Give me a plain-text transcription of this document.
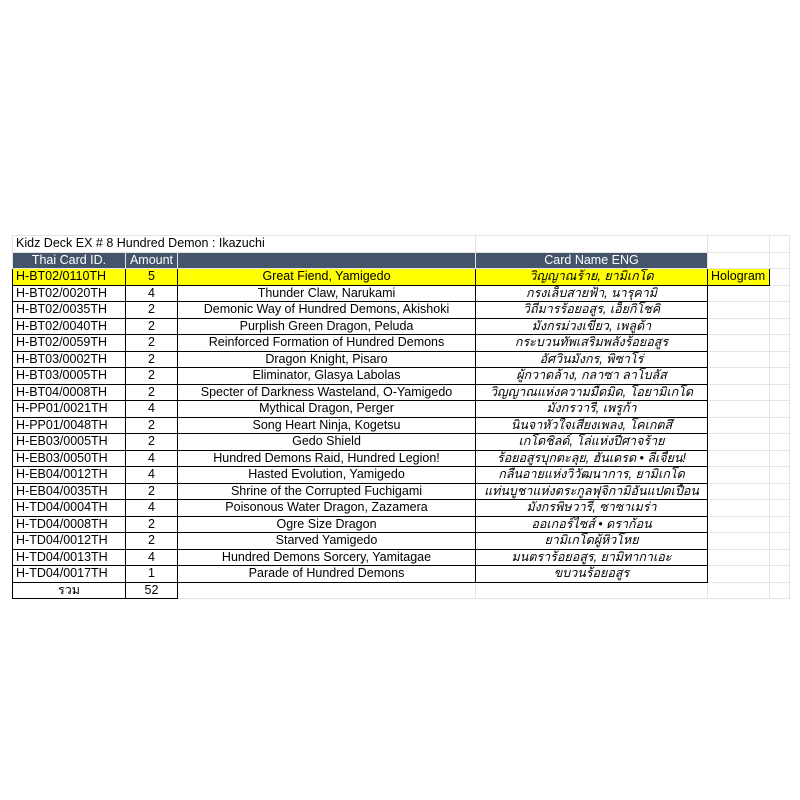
Kidz Deck EX # 8 Hundred Demon : Ikazuchi					
Thai Card ID.	Amount		Card Name ENG		
H-BT02/0110TH	5	Great Fiend, Yamigedo	วิญญาณร้าย, ยามิเกโด	Hologram	
H-BT02/0020TH	4	Thunder Claw, Narukami	กรงเล็บสายฟ้า, นารุคามิ		
H-BT02/0035TH	2	Demonic Way of Hundred Demons, Akishoki	วิถีมารร้อยอสูร, เอ็ยกิโชคิ		
H-BT02/0040TH	2	Purplish Green Dragon, Peluda	มังกรม่วงเขียว, เพลูด้า		
H-BT02/0059TH	2	Reinforced Formation of Hundred Demons	กระบวนทัพเสริมพลังร้อยอสูร		
H-BT03/0002TH	2	Dragon Knight, Pisaro	อัศวินมังกร, พิซาโร่		
H-BT03/0005TH	2	Eliminator, Glasya Labolas	ผู้กวาดล้าง, กลาซา ลาโบลัส		
H-BT04/0008TH	2	Specter of Darkness Wasteland, O-Yamigedo	วิญญาณแห่งความมืดมิด, โอยามิเกโด		
H-PP01/0021TH	4	Mythical Dragon, Perger	มังกรวารี, เพรูก้า		
H-PP01/0048TH	2	Song Heart Ninja, Kogetsu	นินจาหัวใจเสียงเพลง, โคเกตสึ		
H-EB03/0005TH	2	Gedo Shield	เกโดชิลด์, โล่แห่งปีศาจร้าย		
H-EB03/0050TH	4	Hundred Demons Raid, Hundred Legion!	ร้อยอสูรบุกตะลุย, ฮันเดรด • ลีเจี้ยน!		
H-EB04/0012TH	4	Hasted Evolution, Yamigedo	กลืนอายแห่งวิวัฒนาการ, ยามิเกโด		
H-EB04/0035TH	2	Shrine of the Corrupted Fuchigami	แท่นบูชาแห่งตระกูลฟุจิกามิอันแปดเปื้อน		
H-TD04/0004TH	4	Poisonous Water Dragon, Zazamera	มังกรพิษวารี, ซาซาเมร่า		
H-TD04/0008TH	2	Ogre Size Dragon	ออเกอร์ไซส์ • ดราก้อน		
H-TD04/0012TH	2	Starved Yamigedo	ยามิเกโดผู้หิวโหย		
H-TD04/0013TH	4	Hundred Demons Sorcery, Yamitagae	มนตราร้อยอสูร, ยามิทากาเอะ		
H-TD04/0017TH	1	Parade of Hundred Demons	ขบวนร้อยอสูร		
รวม	52				
